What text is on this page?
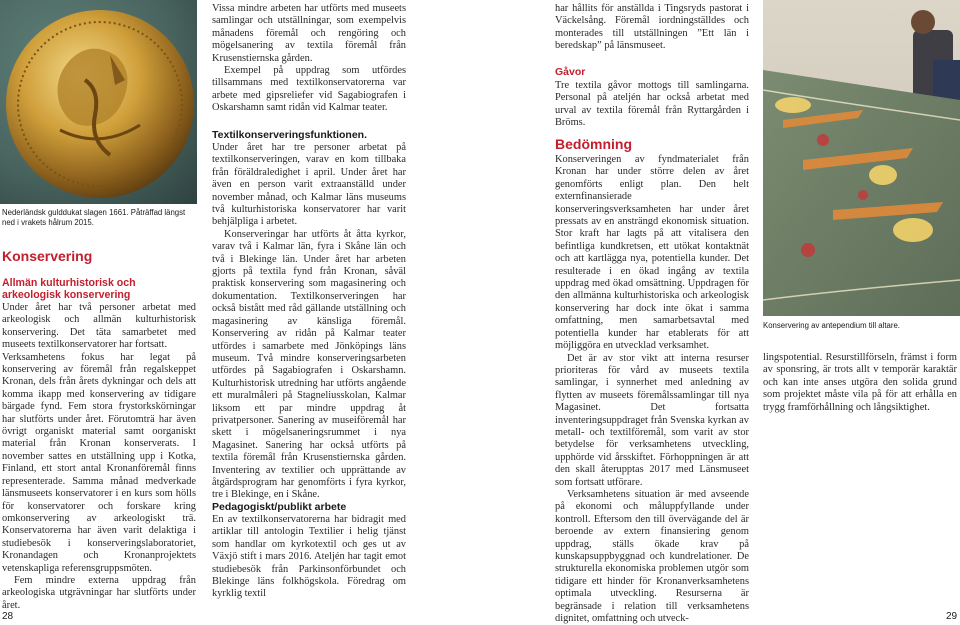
Nederländsk gulddukat slagen 1661. Påträffad längst ned i vrakets hålrum 2015.
Konservering
Allmän kulturhistorisk och arkeologisk konservering

Under året har två personer arbetat med arkeologisk och allmän kulturhistorisk konservering. Det täta samarbetet med museets textilkonservatorer har fortsatt.

Verksamhetens fokus har legat på konservering av föremål från regalskeppet Kronan, dels från årets dykningar och dels att komma ikapp med konservering av tidigare bärgade fynd. Fem stora frystorkskörningar har slutförts under året. Förutomträ har även övrigt organiskt material samt oorganiskt material från Kronan konserverats. I november sattes en utställning upp i Kotka, Finland, ett stort antal Kronanföremål finns representerade. Samma månad medverkade länsmuseets konservatorer i en kurs som hölls för konservatorer och forskare kring omkonservering av arkeologiskt trä. Konservatorerna har även varit delaktiga i studiebesök i konserveringslaboratoriet, Kronandagen och Kronanprojektets vetenskapliga referensgruppsmöten.

Fem mindre externa uppdrag från arkeologiska utgrävningar har slutförts under året.

Vissa mindre arbeten har utförts med museets samlingar och utställningar, som exempelvis månadens föremål och rengöring och mögelsanering av textila föremål från Krusenstiernska gården.

Exempel på uppdrag som utfördes tillsammans med textilkonservatorerna var arbete med gipsreliefer vid Sagabiografen i Oskarshamn samt ridån vid Kalmar teater.

Textilkonserveringsfunktionen.

Under året har tre personer arbetat på textilkonserveringen, varav en kom tillbaka från föräldraledighet i april. Under året har även en person varit extraanställd under november månad, och Kalmar läns museums två kulturhistoriska konservatorer har varit behjälpliga i arbetet.

Konserveringar har utförts åt åtta kyrkor, varav två i Kalmar län, fyra i Skåne län och två i Blekinge län. Under året har arbeten gjorts på textila fynd från Kronan, såväl praktisk konservering som magasinering och dokumentation. Textilkonserveringen har också bistått med råd gällande utställning och magasinering av känsliga föremål. Konservering av ridån på Kalmar teater utfördes i samarbete med Jönköpings läns museum. Två mindre konserveringsarbeten utfördes på Sagabiografen i Oskarshamn. Kulturhistorisk utredning har utförts angående ett muralmåleri på Stagneliusskolan, Kalmar liksom ett par mindre uppdrag åt privatpersoner. Sanering av museiföremål har skett i mögelsaneringsrummet i nya Magasinet. Sanering har också utförts på textila föremål från Krusenstiernska gården. Inventering av textilier och upprättande av åtgärdsprogram har genomförts i fyra kyrkor, tre i Blekinge, en i Skåne.

Pedagogiskt/publikt arbete

En av textilkonservatorerna har bidragit med artiklar till antologin Textilier i helig tjänst som handlar om kyrkotextil och ges ut av Växjö stift i mars 2016. Ateljén har tagit emot studiebesök från Parkinsonförbundet och Blekinge läns folkhögskola. Föredrag om kyrklig textil

28

har hållits för anställda i Tingsryds pastorat i Väckelsång. Föremål iordningställdes och monterades till utställningen ”Ett län i beredskap” på länsmuseet.

Gåvor

Tre textila gåvor mottogs till samlingarna. Personal på ateljén har också arbetat med urval av textila föremål från Ryttargården i Bröms.

Bedömning

Konserveringen av fyndmaterialet från Kronan har under större delen av året genomförts enligt plan. Den helt externfinansierade konserveringsverksamheten har under året pressats av en ansträngd ekonomisk situation. Stor kraft har lagts på att vitalisera den befintliga kundkretsen, ett utökat kontaktnät och att kartlägga nya, potentiella kunder. Det resulterade i en ökad ingång av textila uppdrag med ökad omsättning. Uppdragen för den allmänna kulturhistoriska och arkeologisk konservering har dock inte ökat i samma omfattning, men samarbetsavtal med potentiella kunder har etablerats för att möjliggöra en utvecklad verksamhet.

Det är av stor vikt att interna resurser prioriteras för vård av museets textila samlingar, i synnerhet med anledning av flytten av museets föremålssamlingar till nya Magasinet. Det fortsatta inventeringsuppdraget från Svenska kyrkan av metall- och textilföremål, som varit av stor betydelse för verksamhetens utveckling, upphörde vid årsskiftet. Förhoppningen är att den skall återupptas 2017 med Länsmuseet som fortsatt utförare.

Verksamhetens situation är med avseende på ekonomi och måluppfyllande under kontroll. Eftersom den till övervägande del är beroende av extern finansiering genom uppdrag, ställs ökade krav på kunskapsuppbyggnad och kundrelationer. De strukturella ekonomiska problemen utgör som tidigare ett hinder för Kronanverksamhetens optimala utveckling. Resurserna är begränsade i relation till verksamhetens dignitet, omfattning och utveck-

Konservering av antependium till altare.

lingspotential. Resurstillförseln, främst i form av sponsring, är trots allt v temporär karaktär och kan inte anses utgöra den solida grund som projektet måste vila på för att erhålla en trygg framförhållning och långsiktighet.

29
